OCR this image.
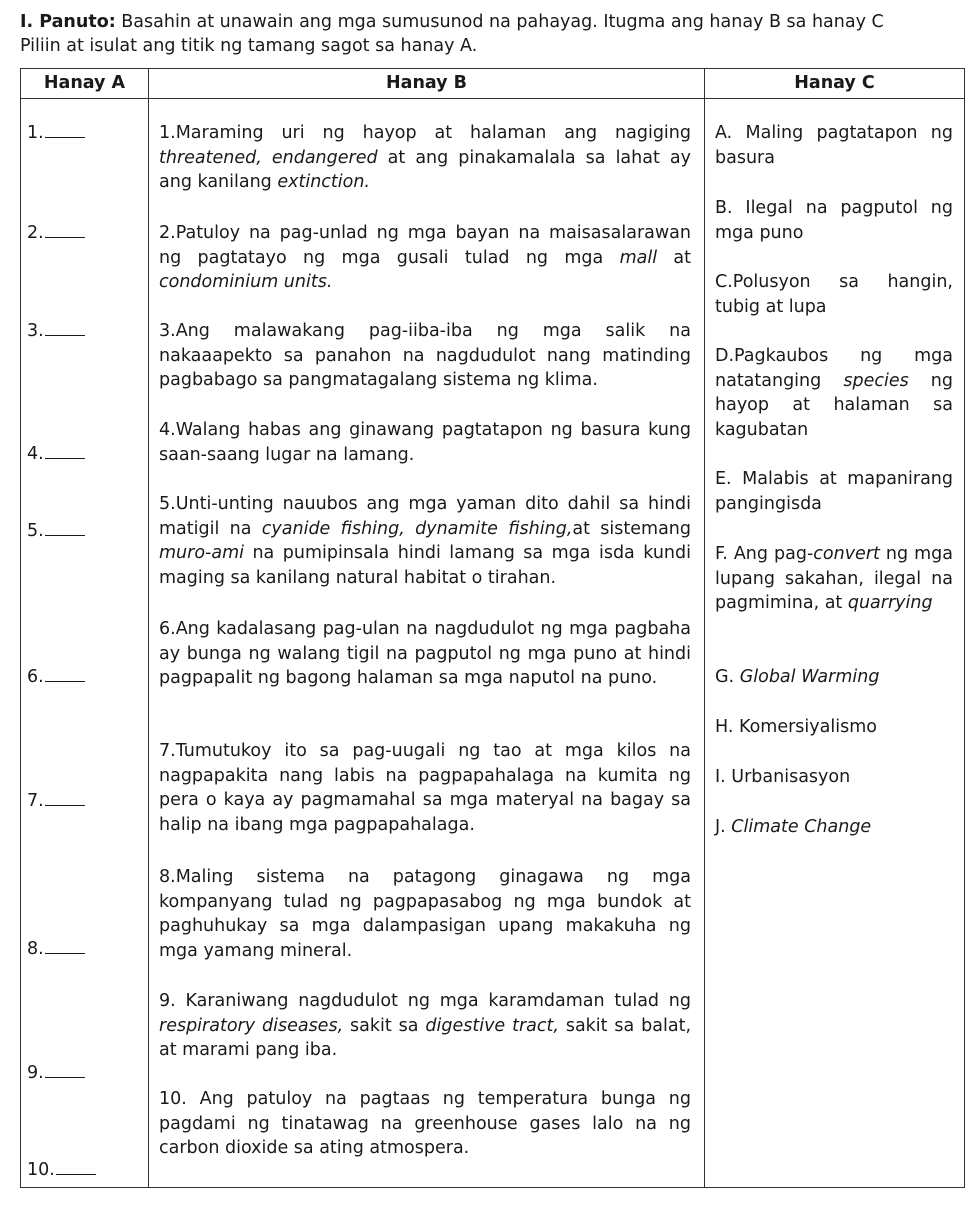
I. Panuto: Basahin at unawain ang mga sumusunod na pahayag. Itugma ang hanay B sa hanay C
Piliin at isulat ang titik ng tamang sagot sa hanay A.
Hanay A	Hanay B	Hanay C
1.
2.
3.
4.
5.
6.
7.
8.
9.
10.
1.Maraming uri ng hayop at halaman ang nagiging threatened, endangered at ang pinakamalala sa lahat ay ang kanilang extinction.
2.Patuloy na pag-unlad ng mga bayan na maisasalarawan ng pagtatayo ng mga gusali tulad ng mga mall at condominium units.
3.Ang malawakang pag-iiba-iba ng mga salik na nakaaapekto sa panahon na nagdudulot nang matinding pagbabago sa pangmatagalang sistema ng klima.
4.Walang habas ang ginawang pagtatapon ng basura kung saan-saang lugar na lamang.
5.Unti-unting nauubos ang mga yaman dito dahil sa hindi matigil na cyanide fishing, dynamite fishing,at sistemang muro-ami na pumipinsala hindi lamang sa mga isda kundi maging sa kanilang natural habitat o tirahan.
6.Ang kadalasang pag-ulan na nagdudulot ng mga pagbaha ay bunga ng walang tigil na pagputol ng mga puno at hindi pagpapalit ng bagong halaman sa mga naputol na puno.
7.Tumutukoy ito sa pag-uugali ng tao at mga kilos na nagpapakita nang labis na pagpapahalaga na kumita ng pera o kaya ay pagmamahal sa mga materyal na bagay sa halip na ibang mga pagpapahalaga.
8.Maling sistema na patagong ginagawa ng mga kompanyang tulad ng pagpapasabog ng mga bundok at paghuhukay sa mga dalampasigan upang makakuha ng mga yamang mineral.
9. Karaniwang nagdudulot ng mga karamdaman tulad ng respiratory diseases, sakit sa digestive tract, sakit sa balat, at marami pang iba.
10. Ang patuloy na pagtaas ng temperatura bunga ng pagdami ng tinatawag na greenhouse gases lalo na ng carbon dioxide sa ating atmospera.
A. Maling pagtatapon ng basura
B. Ilegal na pagputol ng mga puno
C.Polusyon sa hangin, tubig at lupa
D.Pagkaubos ng mga natatanging species ng hayop at halaman sa kagubatan
E. Malabis at mapanirang pangingisda
F. Ang pag-convert ng mga lupang sakahan, ilegal na pagmimina, at quarrying
G. Global Warming
H. Komersiyalismo
I. Urbanisasyon
J. Climate Change
